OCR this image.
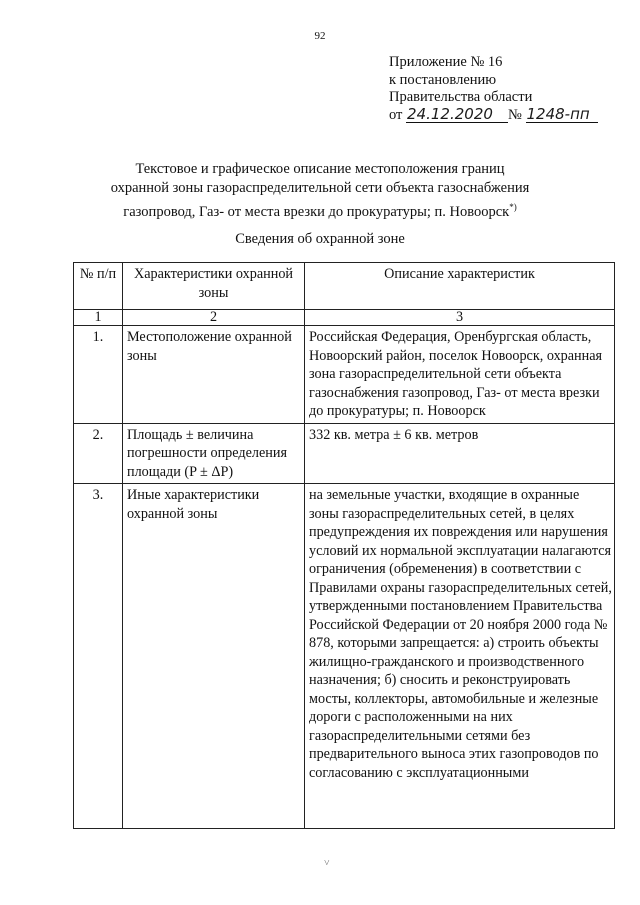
92
Приложение № 16
к постановлению
Правительства области
от 24.12.2020 № 1248-пп
Текстовое и графическое описание местоположения границ
охранной зоны газораспределительной сети объекта газоснабжения
газопровод, Газ- от места врезки до прокуратуры; п. Новоорск*)
Сведения об охранной зоне
№ п/п	Характеристики охранной зоны	Описание характеристик
1	2	3
1.	Местоположение охранной зоны	Российская Федерация, Оренбургская область, Новоорский район, поселок Новоорск, охранная зона газораспределительной сети объекта газоснабжения газопровод, Газ- от места врезки до прокуратуры; п. Новоорск
2.	Площадь ± величина погрешности определения площади (P ± ΔP)	332 кв. метра ± 6 кв. метров
3.	Иные характеристики охранной зоны	на земельные участки, входящие в охранные зоны газораспределительных сетей, в целях предупреждения их повреждения или нарушения условий их нормальной эксплуатации налагаются ограничения (обременения) в соответствии с Правилами охраны газораспределительных сетей, утвержденными постановлением Правительства Российской Федерации от 20 ноября 2000 года № 878, которыми запрещается: а) строить объекты жилищно-гражданского и производственного назначения; б) сносить и реконструировать мосты, коллекторы, автомобильные и железные дороги с расположенными на них газораспределительными сетями без предварительного выноса этих газопроводов по согласованию с эксплуатационными
˅
